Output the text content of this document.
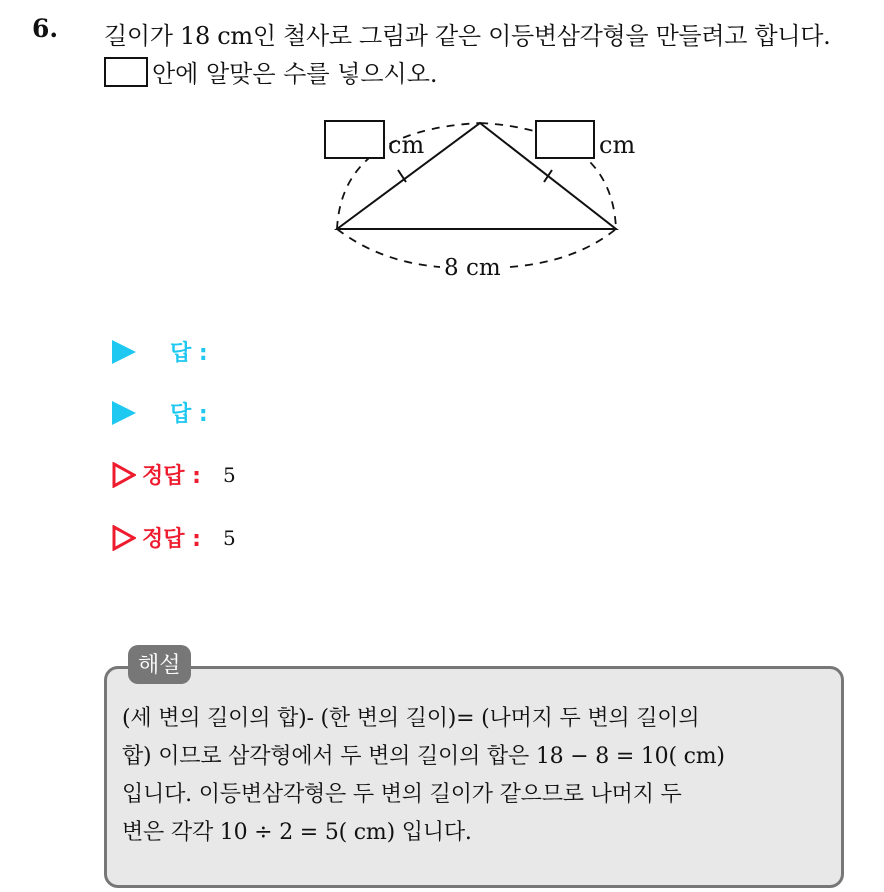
6. 길이가 18 cm인 철사로 그림과 같은 이등변삼각형을 만들려고 합니다.
안에 알맞은 수를 넣으시오.
cm	cm
8 cm
답 :
답 :
정답 : 5
정답 : 5
해설
(세 변의 길이의 합)- (한 변의 길이)= (나머지 두 변의 길이의
합) 이므로 삼각형에서 두 변의 길이의 합은 18 − 8 = 10( cm)
입니다. 이등변삼각형은 두 변의 길이가 같으므로 나머지 두
변은 각각 10 ÷ 2 = 5( cm) 입니다.
